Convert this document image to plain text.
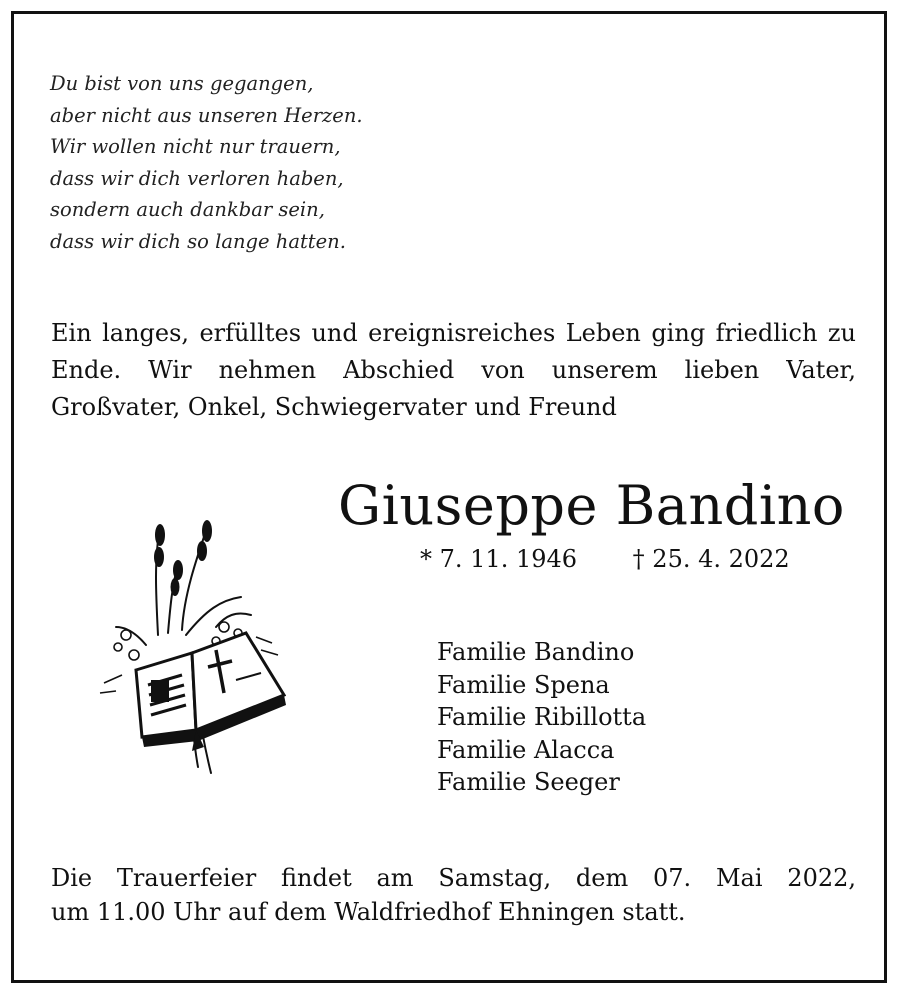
Du bist von uns gegangen,
aber nicht aus unseren Herzen.
Wir wollen nicht nur trauern,
dass wir dich verloren haben,
sondern auch dankbar sein,
dass wir dich so lange hatten.
Ein langes, erfülltes und ereignisreiches Leben ging friedlich zu Ende. Wir nehmen Abschied von unserem lieben Vater, Großvater, Onkel, Schwiegervater und Freund
Giuseppe Bandino
* 7. 11. 1946 † 25. 4. 2022
Familie Bandino
Familie Spena
Familie Ribillotta
Familie Alacca
Familie Seeger
Die Trauerfeier findet am Samstag, dem 07. Mai 2022,
um 11.00 Uhr auf dem Waldfriedhof Ehningen statt.
